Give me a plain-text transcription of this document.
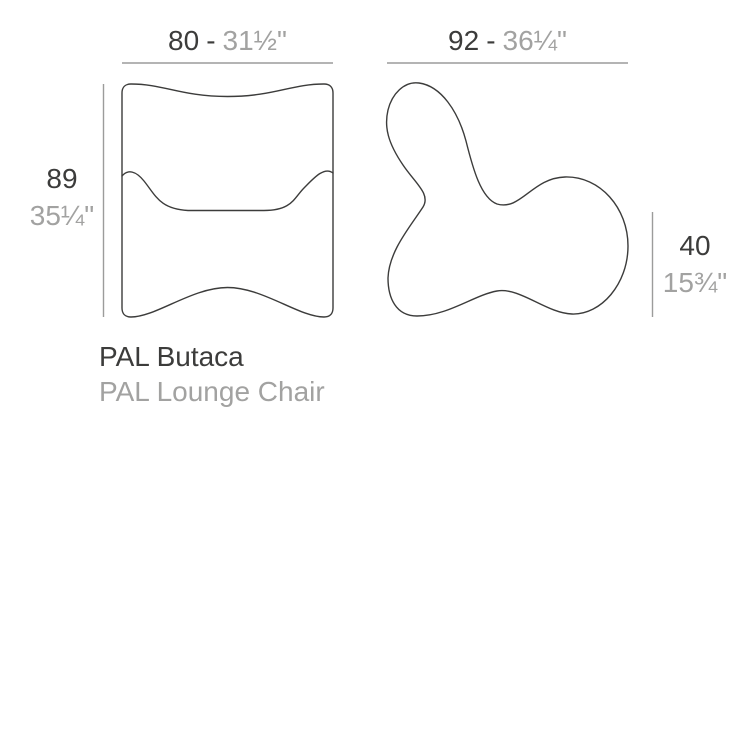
80 - 31½"	92 - 36¼"
89
35¼"
40
15¾"
PAL Butaca
PAL Lounge Chair
